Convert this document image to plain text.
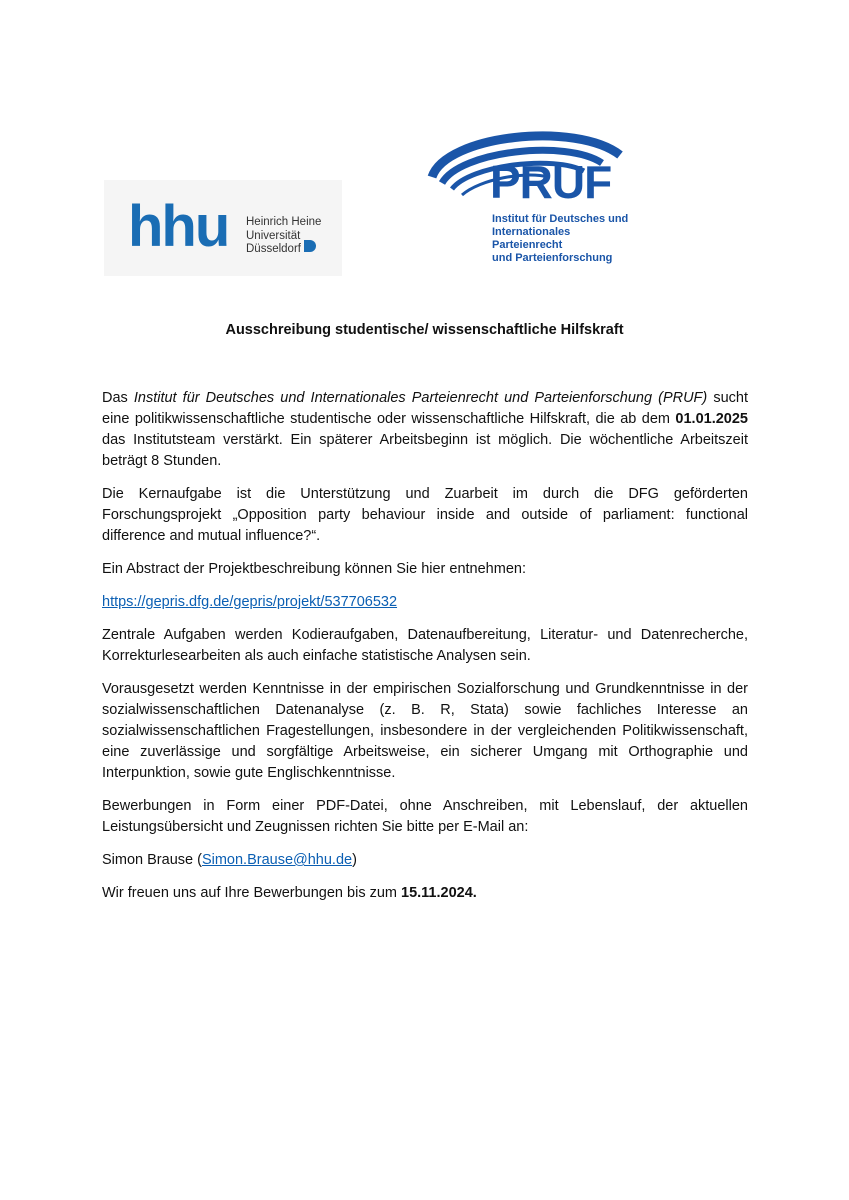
hhu Heinrich Heine
Universität
Düsseldorf
PRUF
Institut für Deutsches und
Internationales Parteienrecht
und Parteienforschung
Ausschreibung studentische/ wissenschaftliche Hilfskraft

Das Institut für Deutsches und Internationales Parteienrecht und Parteienforschung (PRUF) sucht eine politikwissenschaftliche studentische oder wissenschaftliche Hilfskraft, die ab dem 01.01.2025 das Institutsteam verstärkt. Ein späterer Arbeitsbeginn ist möglich. Die wöchentliche Arbeitszeit beträgt 8 Stunden.

Die Kernaufgabe ist die Unterstützung und Zuarbeit im durch die DFG geförderten Forschungsprojekt „Opposition party behaviour inside and outside of parliament: functional difference and mutual influence?“.

Ein Abstract der Projektbeschreibung können Sie hier entnehmen:

https://gepris.dfg.de/gepris/projekt/537706532

Zentrale Aufgaben werden Kodieraufgaben, Datenaufbereitung, Literatur- und Datenrecherche, Korrekturlesearbeiten als auch einfache statistische Analysen sein.

Vorausgesetzt werden Kenntnisse in der empirischen Sozialforschung und Grundkenntnisse in der sozialwissenschaftlichen Datenanalyse (z. B. R, Stata) sowie fachliches Interesse an sozialwissenschaftlichen Fragestellungen, insbesondere in der vergleichenden Politikwissenschaft, eine zuverlässige und sorgfältige Arbeitsweise, ein sicherer Umgang mit Orthographie und Interpunktion, sowie gute Englischkenntnisse.

Bewerbungen in Form einer PDF-Datei, ohne Anschreiben, mit Lebenslauf, der aktuellen Leistungsübersicht und Zeugnissen richten Sie bitte per E-Mail an:

Simon Brause (Simon.Brause@hhu.de)

Wir freuen uns auf Ihre Bewerbungen bis zum 15.11.2024.
